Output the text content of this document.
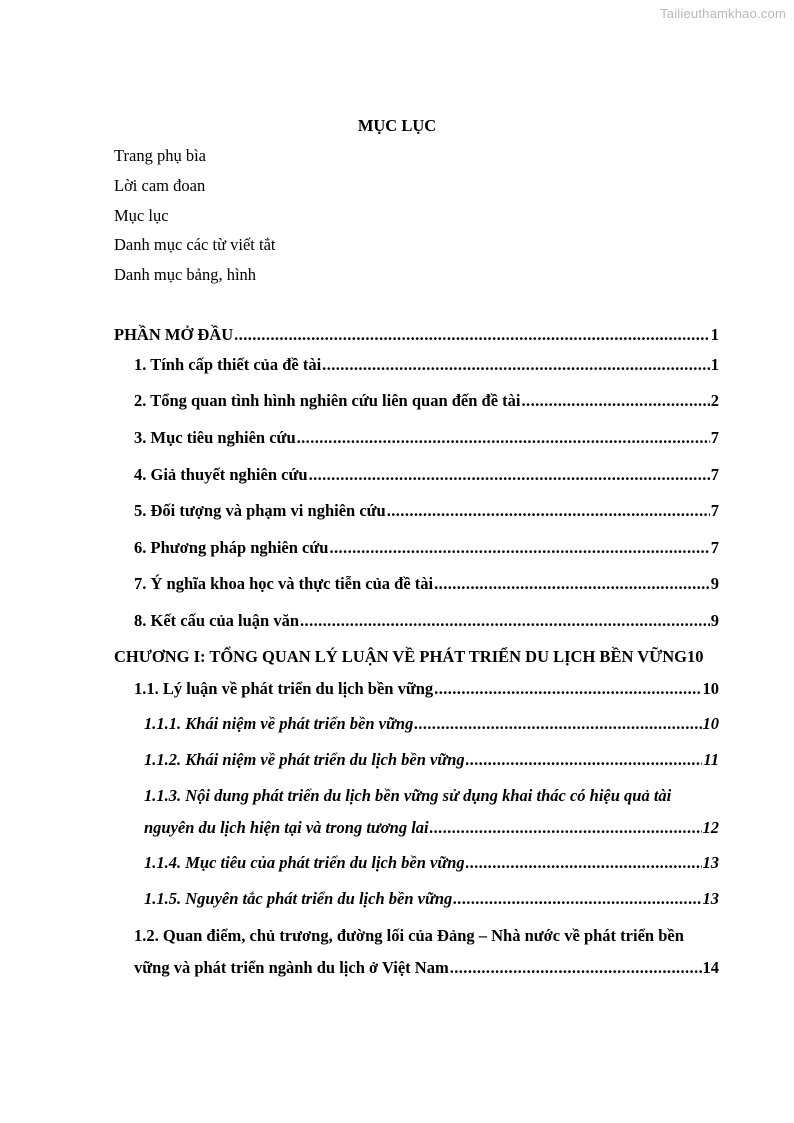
Tailieuthamkhao.com
MỤC LỤC
Trang phụ bìa
Lời cam đoan
Mục lục
Danh mục các từ viết tắt
Danh mục bảng, hình
PHẦN MỞ ĐẦU .....	1
1. Tính cấp thiết của đề tài .....	1
2. Tổng quan tình hình nghiên cứu liên quan đến đề tài .....	2
3. Mục tiêu nghiên cứu .....	7
4. Giả thuyết nghiên cứu .....	7
5. Đối tượng và phạm vi nghiên cứu .....	7
6. Phương pháp nghiên cứu .....	7
7. Ý nghĩa khoa học và thực tiễn của đề tài .....	9
8. Kết cấu của luận văn .....	9
CHƯƠNG I: TỔNG QUAN LÝ LUẬN VỀ PHÁT TRIỂN DU LỊCH BỀN VỮNG 10
1.1. Lý luận về phát triển du lịch bền vững .....	10
1.1.1. Khái niệm về phát triển bền vững .....	10
1.1.2. Khái niệm về phát triển du lịch bền vững .....	11
1.1.3. Nội dung phát triển du lịch bền vững sử dụng khai thác có hiệu quả tài
nguyên du lịch hiện tại và trong tương lai .....	12
1.1.4. Mục tiêu của phát triển du lịch bền vững .....	13
1.1.5. Nguyên tắc phát triển du lịch bền vững .....	13
1.2. Quan điểm, chủ trương, đường lối của Đảng – Nhà nước về phát triển bền
vững và phát triển ngành du lịch ở Việt Nam .....	14
